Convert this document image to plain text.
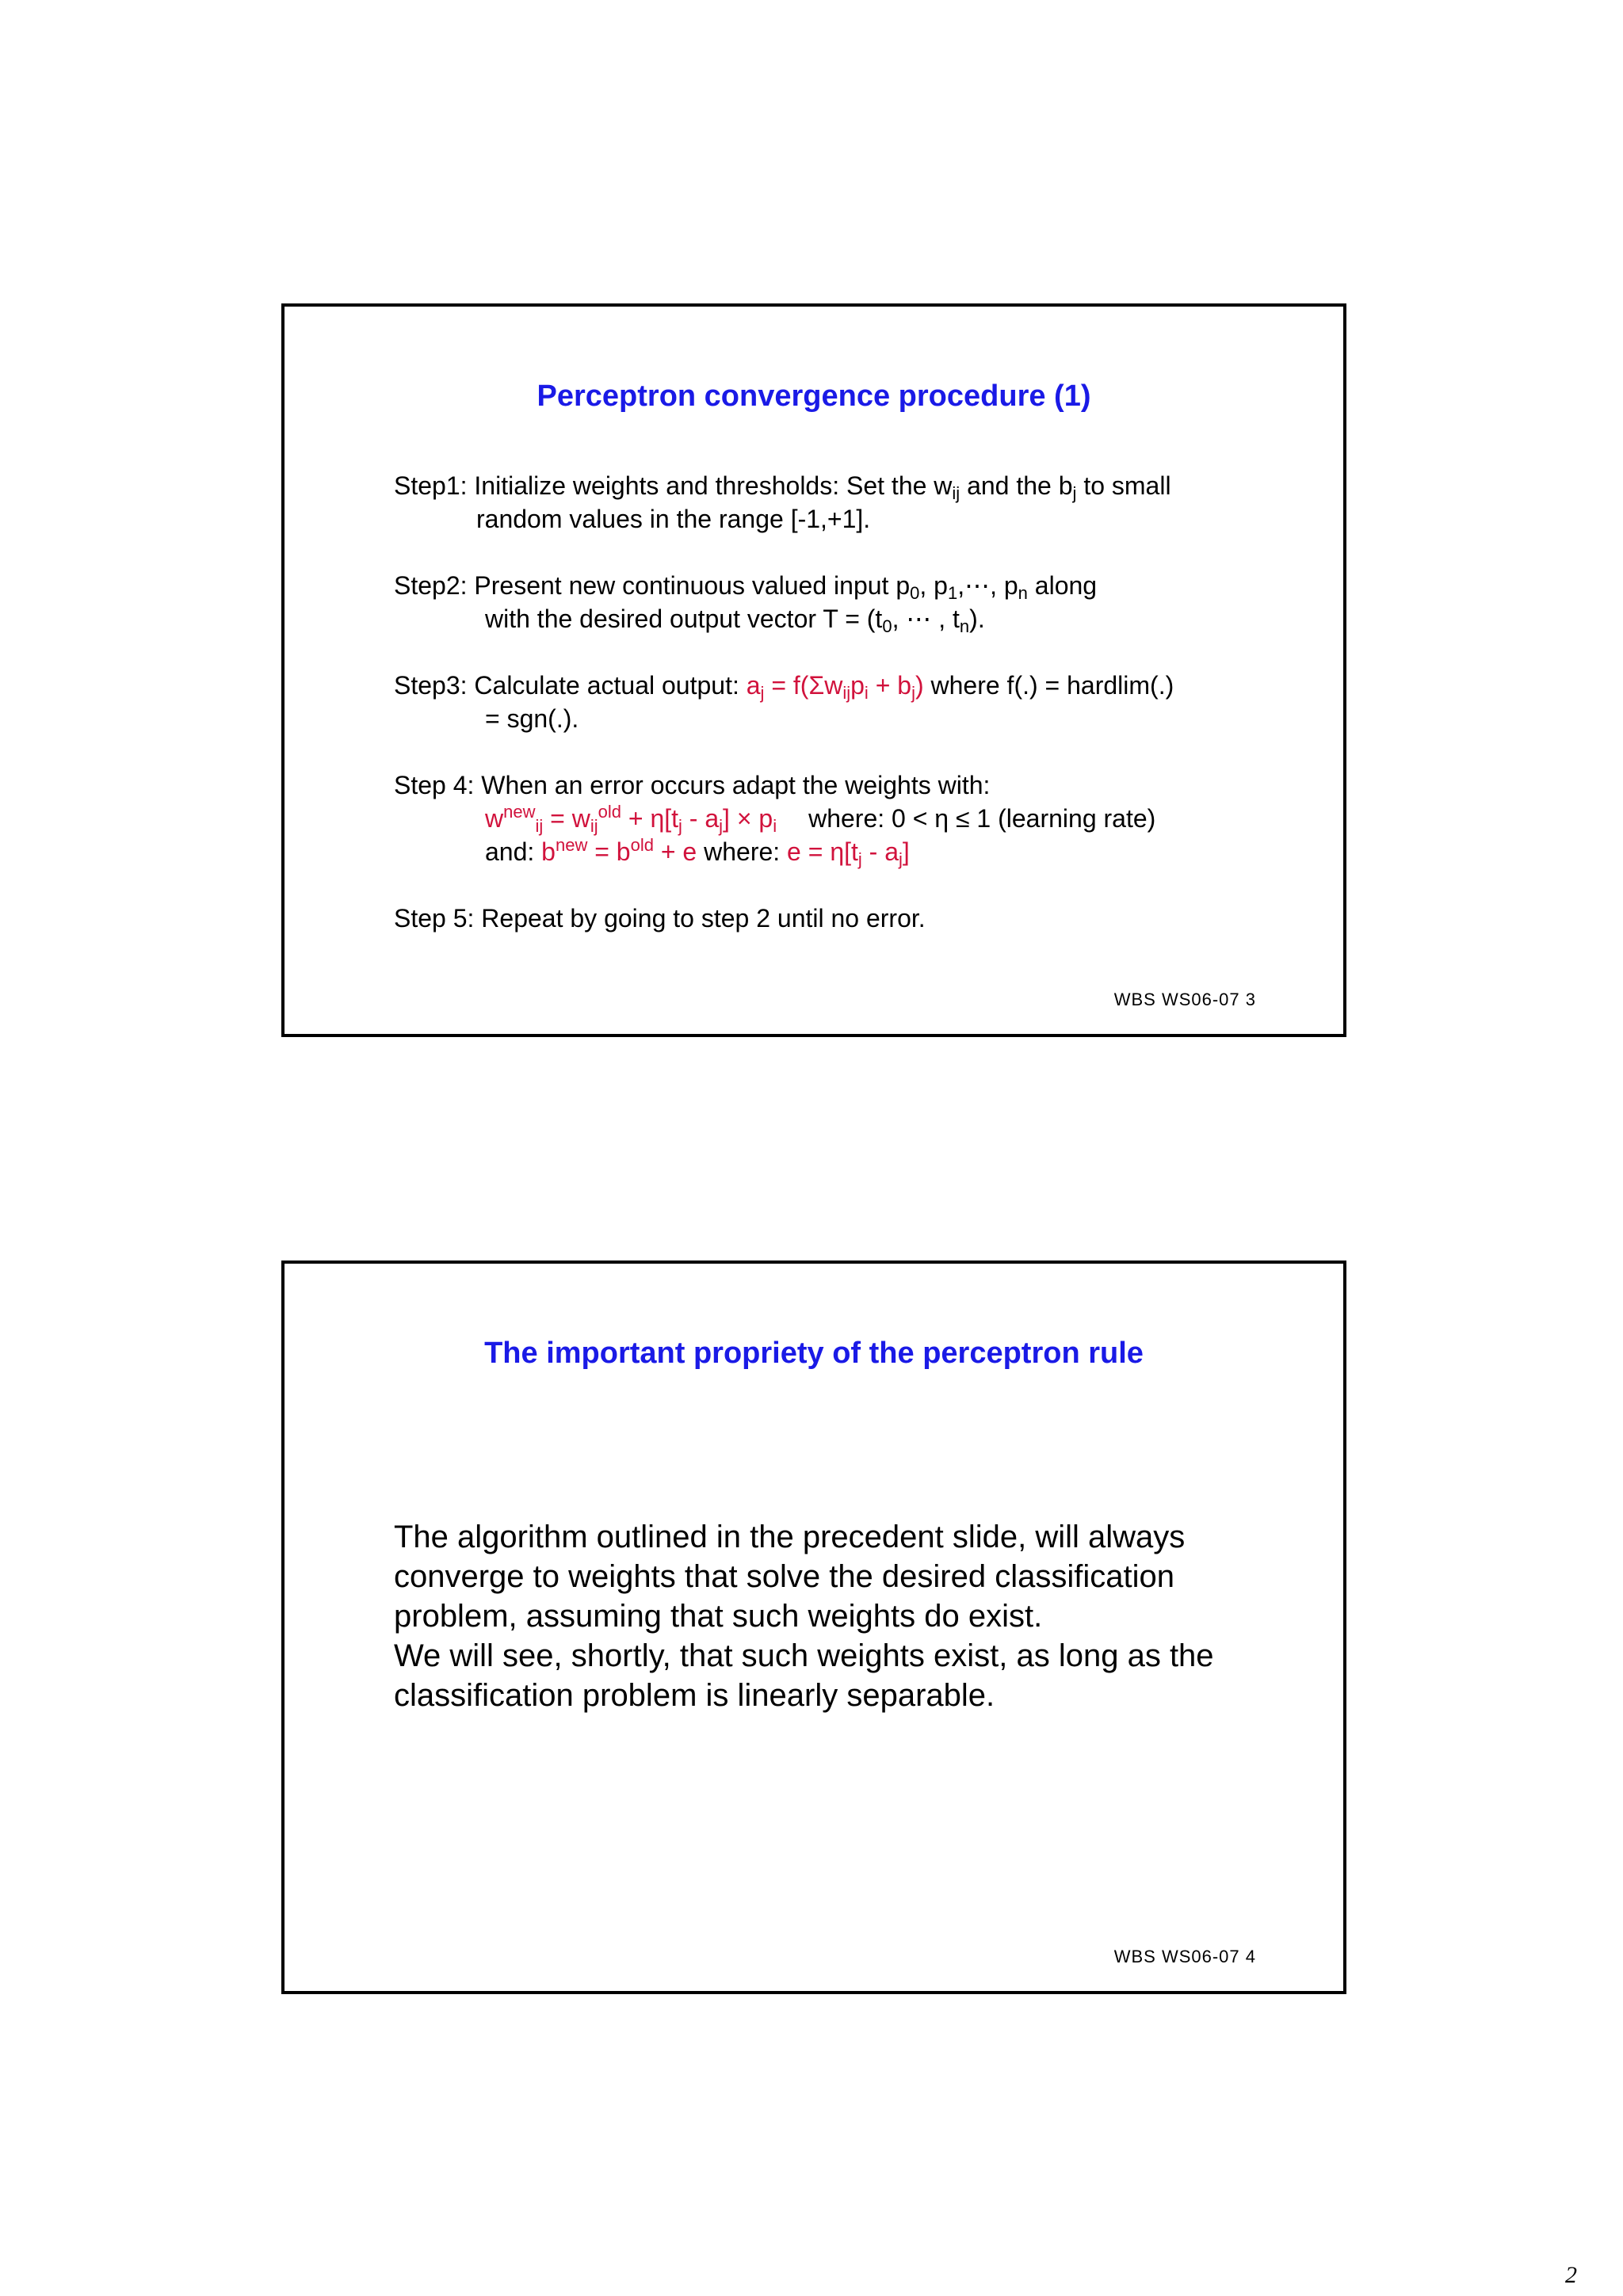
Perceptron convergence procedure (1)
Step1: Initialize weights and thresholds: Set the $w_{ij}$ and the $b_j$ to small
random values in the range [-1,+1].
Step2: Present new continuous valued input $p_0$, $p_1,\cdots$, $p_n$ along
with the desired output vector $T = (t_0$, ⋯ , $t_n$).
Step3: Calculate actual output: $a_j = f(\Sigma w_{ij}p_i + b_j)$ where f(.) = hardlim(.)
= sgn(.).
Step 4: When an error occurs adapt the weights with:
$w^{new}_{ij} = w_{ij}^{old} + \eta[t_j - a_j] \times p_i$ where: 0 < η ≤ 1 (learning rate)
and: $b^{new} = b^{old} + e$ where: $e = \eta[t_j - a_j]$
Step 5: Repeat by going to step 2 until no error.
WBS WS06-07 3
The important propriety of the perceptron rule
The algorithm outlined in the precedent slide, will always
converge to weights that solve the desired classification
problem, assuming that such weights do exist.
We will see, shortly, that such weights exist, as long as the
classification problem is linearly separable.
WBS WS06-07 4
2
